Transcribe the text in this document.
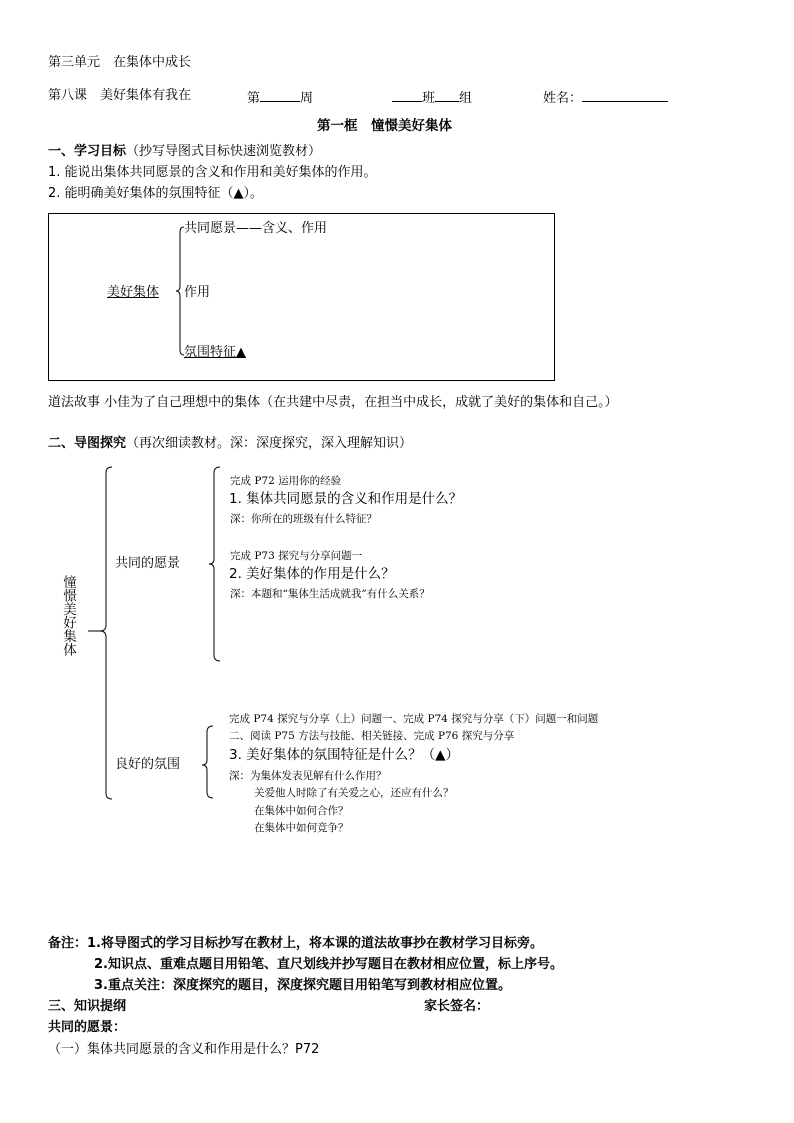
第三单元　在集体中成长
第八课　美好集体有我在	第	周	班 组	姓名：
第一框　憧憬美好集体
一、学习目标（抄写导图式目标快速浏览教材）
1. 能说出集体共同愿景的含义和作用和美好集体的作用。
2. 能明确美好集体的氛围特征（▲）。
美好集体
共同愿景——含义、作用
作用
氛围特征▲
道法故事 小佳为了自己理想中的集体（在共建中尽责，在担当中成长，成就了美好的集体和自己。）
二、导图探究（再次细读教材。深：深度探究，深入理解知识）
憧憬美好集体
共同的愿景
良好的氛围
完成 P72 运用你的经验
1. 集体共同愿景的含义和作用是什么？
深：你所在的班级有什么特征？
完成 P73 探究与分享问题一
2. 美好集体的作用是什么？
深：本题和“集体生活成就我”有什么关系？
完成 P74 探究与分享（上）问题一、完成 P74 探究与分享（下）问题一和问题
二、阅读 P75 方法与技能、相关链接、完成 P76 探究与分享
3. 美好集体的氛围特征是什么？（▲）
深：为集体发表见解有什么作用？
关爱他人时除了有关爱之心，还应有什么？
在集体中如何合作？
在集体中如何竞争？
备注：1.将导图式的学习目标抄写在教材上，将本课的道法故事抄在教材学习目标旁。
2.知识点、重难点题目用铅笔、直尺划线并抄写题目在教材相应位置，标上序号。
3.重点关注：深度探究的题目，深度探究题目用铅笔写到教材相应位置。
三、知识提纲	家长签名：
共同的愿景：
（一）集体共同愿景的含义和作用是什么？P72
